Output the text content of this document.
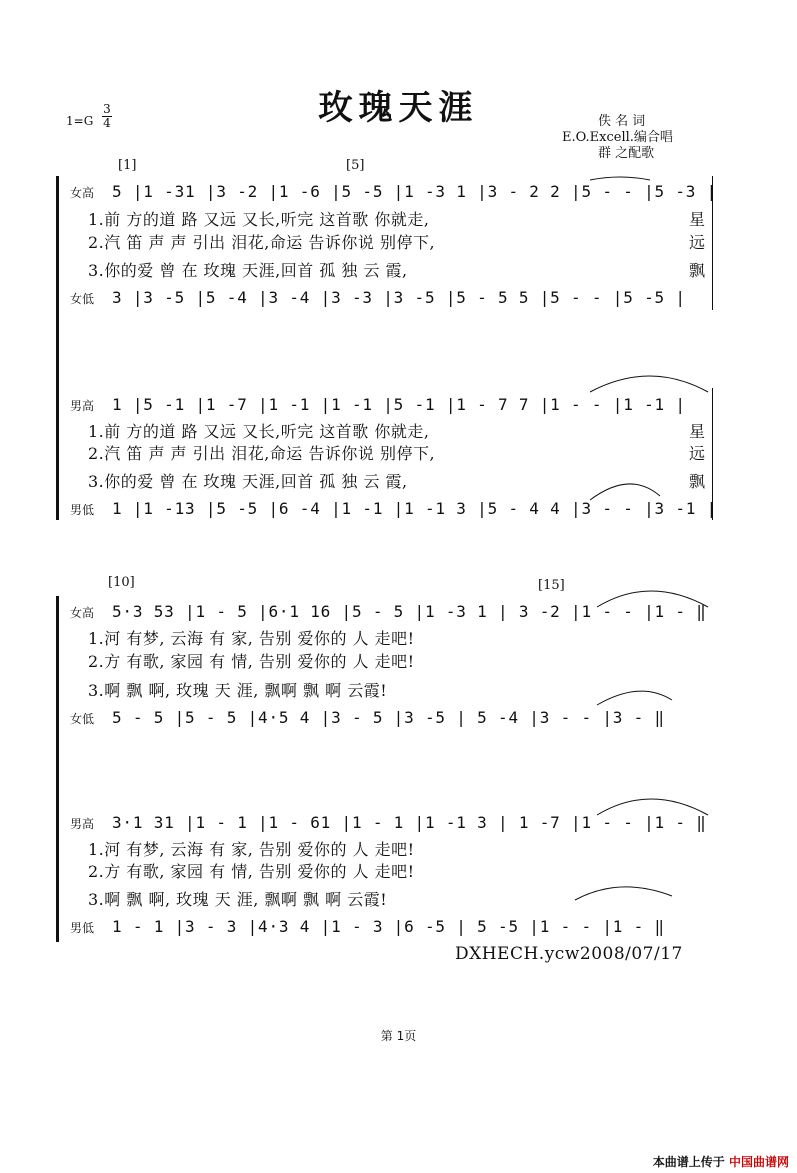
玫瑰天涯
1=G
3
4	佚 名 词
E.O.Excell.编合唱
群 之配歌
[1]	[5]
[10]	[15]
女高 5 |1 -31 |3 -2 |1 -6 |5 -5 |1 -3 1 |3 - 2 2 |5 - - |5 -3 |
1.前 方的道 路 又远 又长,听完 这首歌 你就走,	星
2.汽 笛 声 声 引出 泪花,命运 告诉你说 别停下,	远
3.你的爱 曾 在 玫瑰 天涯,回首 孤 独 云 霞,	飘
女低 3 |3 -5 |5 -4 |3 -4 |3 -3 |3 -5 |5 - 5 5 |5 - - |5 -5 |
男高 1 |5 -1 |1 -7 |1 -1 |1 -1 |5 -1 |1 - 7 7 |1 - - |1 -1 |
1.前 方的道 路 又远 又长,听完 这首歌 你就走,	星
2.汽 笛 声 声 引出 泪花,命运 告诉你说 别停下,	远
3.你的爱 曾 在 玫瑰 天涯,回首 孤 独 云 霞,	飘
男低 1 |1 -13 |5 -5 |6 -4 |1 -1 |1 -1 3 |5 - 4 4 |3 - - |3 -1 |
女高 5·3 53 |1 - 5 |6·1 16 |5 - 5 |1 -3 1 | 3 -2 |1 - - |1 - ‖
1.河 有梦, 云海 有 家, 告别 爱你的 人 走吧!
2.方 有歌, 家园 有 情, 告别 爱你的 人 走吧!
3.啊 飘 啊, 玫瑰 天 涯, 飘啊 飘 啊 云霞!
女低 5 - 5 |5 - 5 |4·5 4 |3 - 5 |3 -5 | 5 -4 |3 - - |3 - ‖
男高 3·1 31 |1 - 1 |1 - 61 |1 - 1 |1 -1 3 | 1 -7 |1 - - |1 - ‖
1.河 有梦, 云海 有 家, 告别 爱你的 人 走吧!
2.方 有歌, 家园 有 情, 告别 爱你的 人 走吧!
3.啊 飘 啊, 玫瑰 天 涯, 飘啊 飘 啊 云霞!
男低 1 - 1 |3 - 3 |4·3 4 |1 - 3 |6 -5 | 5 -5 |1 - - |1 - ‖
DXHECH.ycw2008/07/17
第 1页
本曲谱上传于 中国曲谱网
